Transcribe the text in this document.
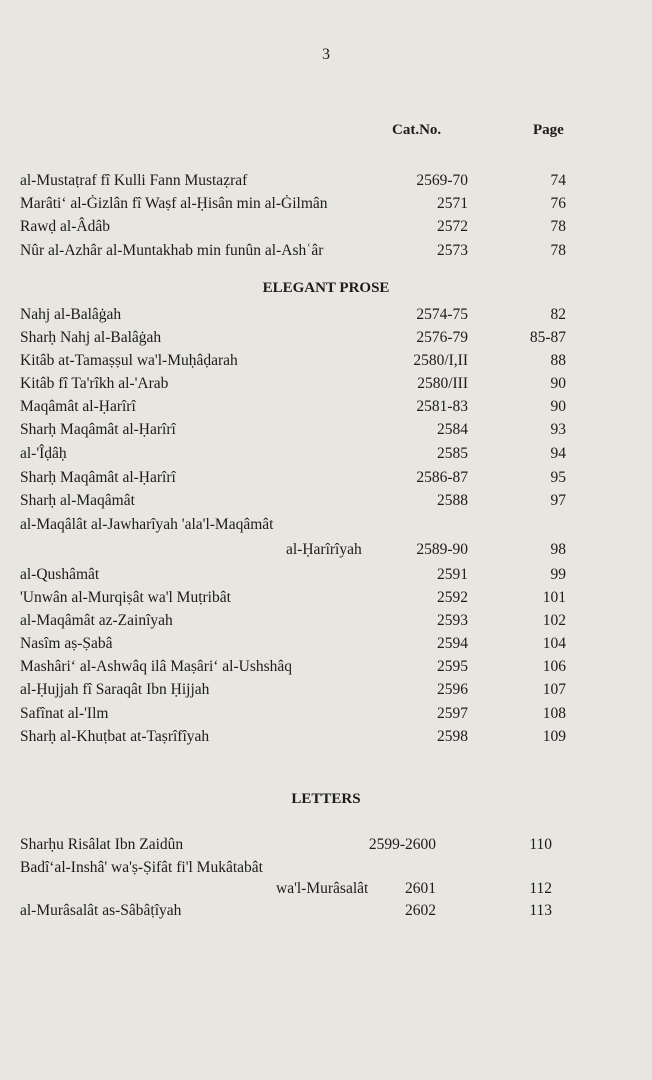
3
Cat.No.	Page
al-Mustaṭraf fî Kulli Fann Mustaẓraf	2569-70	74
Marâti‘ al-Ġizlân fî Waṣf al-Ḥisân min al-Ġilmân	2571	76
Rawḍ al-Âdâb	2572	78
Nûr al-Azhâr al-Muntakhab min funûn al-Ashʿâr	2573	78
ELEGANT PROSE
Nahj al-Balâġah	2574-75	82
Sharḥ Nahj al-Balâġah	2576-79	85-87
Kitâb at-Tamaṣṣul wa'l-Muḥâḍarah	2580/I,II	88
Kitâb fî Ta'rîkh al-'Arab	2580/III	90
Maqâmât al-Ḥarîrî	2581-83	90
Sharḥ Maqâmât al-Ḥarîrî	2584	93
al-'Îḍâḥ	2585	94
Sharḥ Maqâmât al-Ḥarîrî	2586-87	95
Sharḥ al-Maqâmât	2588	97
al-Maqâlât al-Jawharîyah 'ala'l-Maqâmât
al-Ḥarîrîyah	2589-90	98
al-Qushâmât	2591	99
'Unwân al-Murqiṣât wa'l Muṭribât	2592	101
al-Maqâmât az-Zainîyah	2593	102
Nasîm aṣ-Ṣabâ	2594	104
Mashâri‘ al-Ashwâq ilâ Maṣâri‘ al-Ushshâq	2595	106
al-Ḥujjah fî Saraqât Ibn Ḥijjah	2596	107
Safînat al-'Ilm	2597	108
Sharḥ al-Khuṭbat at-Taṣrîfîyah	2598	109
LETTERS
Sharḥu Risâlat Ibn Zaidûn	2599-2600	110
Badî‘al-Inshâ' wa'ṣ-Ṣifât fi'l Mukâtabât
wa'l-Murâsalât	2601	112
al-Murâsalât as-Sâbâṭîyah	2602	113
